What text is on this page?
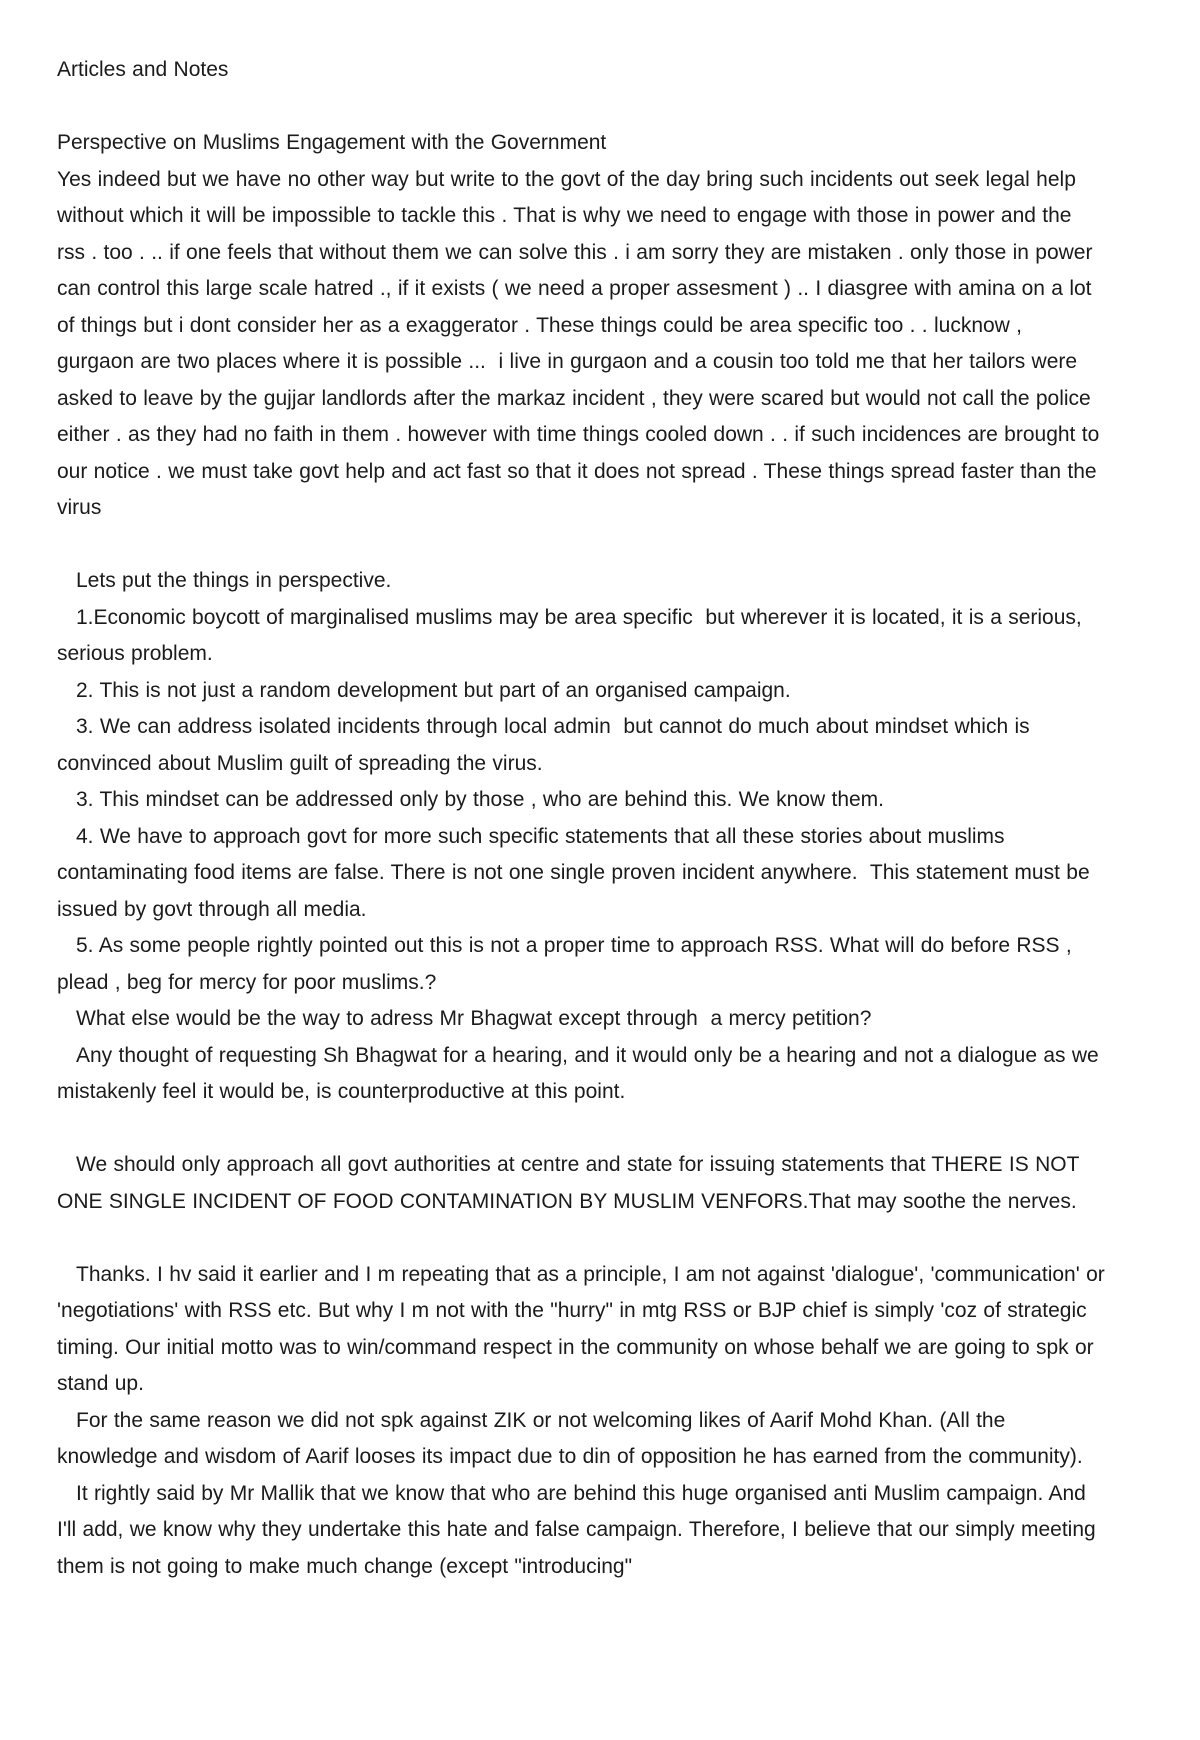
Articles and Notes

Perspective on Muslims Engagement with the Government

Yes indeed but we have no other way but write to the govt of the day bring such incidents out seek legal help without which it will be impossible to tackle this . That is why we need to engage with those in power and the rss . too . .. if one feels that without them we can solve this . i am sorry they are mistaken . only those in power can control this large scale hatred ., if it exists ( we need a proper assesment ) .. I diasgree with amina on a lot of things but i dont consider her as a exaggerator . These things could be area specific too . . lucknow , gurgaon are two places where it is possible ...  i live in gurgaon and a cousin too told me that her tailors were asked to leave by the gujjar landlords after the markaz incident , they were scared but would not call the police either . as they had no faith in them . however with time things cooled down . . if such incidences are brought to our notice . we must take govt help and act fast so that it does not spread . These things spread faster than the virus

Lets put the things in perspective.

1.Economic boycott of marginalised muslims may be area specific  but wherever it is located, it is a serious, serious problem.

2. This is not just a random development but part of an organised campaign.

3. We can address isolated incidents through local admin  but cannot do much about mindset which is convinced about Muslim guilt of spreading the virus.

3. This mindset can be addressed only by those , who are behind this. We know them.

4. We have to approach govt for more such specific statements that all these stories about muslims contaminating food items are false. There is not one single proven incident anywhere.  This statement must be issued by govt through all media.

5. As some people rightly pointed out this is not a proper time to approach RSS. What will do before RSS ,  plead , beg for mercy for poor muslims.?

What else would be the way to adress Mr Bhagwat except through  a mercy petition?

Any thought of requesting Sh Bhagwat for a hearing, and it would only be a hearing and not a dialogue as we mistakenly feel it would be, is counterproductive at this point.

We should only approach all govt authorities at centre and state for issuing statements that THERE IS NOT ONE SINGLE INCIDENT OF FOOD CONTAMINATION BY MUSLIM VENFORS.That may soothe the nerves.

Thanks. I hv said it earlier and I m repeating that as a principle, I am not against 'dialogue', 'communication' or 'negotiations' with RSS etc. But why I m not with the "hurry" in mtg RSS or BJP chief is simply 'coz of strategic timing. Our initial motto was to win/command respect in the community on whose behalf we are going to spk or stand up.

For the same reason we did not spk against ZIK or not welcoming likes of Aarif Mohd Khan. (All the knowledge and wisdom of Aarif looses its impact due to din of opposition he has earned from the community).

It rightly said by Mr Mallik that we know that who are behind this huge organised anti Muslim campaign. And I'll add, we know why they undertake this hate and false campaign. Therefore, I believe that our simply meeting them is not going to make much change (except "introducing"
